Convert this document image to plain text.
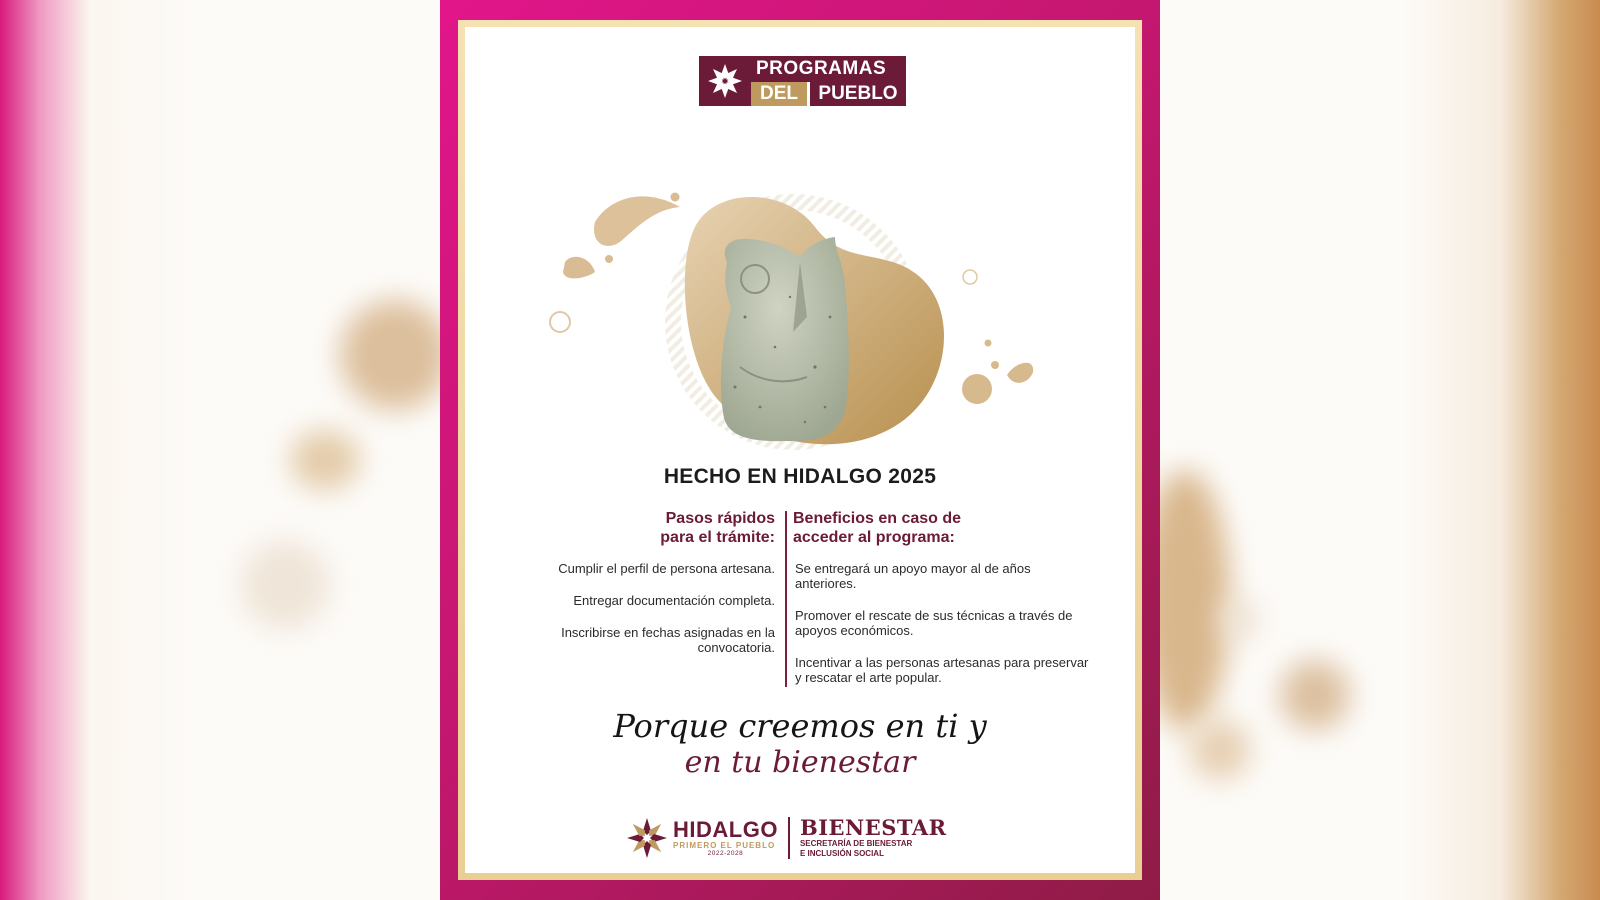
PROGRAMAS
DEL	PUEBLO
HECHO EN HIDALGO 2025
Pasos rápidos
para el trámite:
Cumplir el perfil de persona artesana.
Entregar documentación completa.
Inscribirse en fechas asignadas en la convocatoria.
Beneficios en caso de
acceder al programa:
Se entregará un apoyo mayor al de años anteriores.
Promover el rescate de sus técnicas a través de apoyos económicos.
Incentivar a las personas artesanas para preservar y rescatar el arte popular.
Porque creemos en ti y
en tu bienestar
HIDALGO
PRIMERO EL PUEBLO
2022-2028
BIENESTAR
SECRETARÍA DE BIENESTAR
E INCLUSIÓN SOCIAL
